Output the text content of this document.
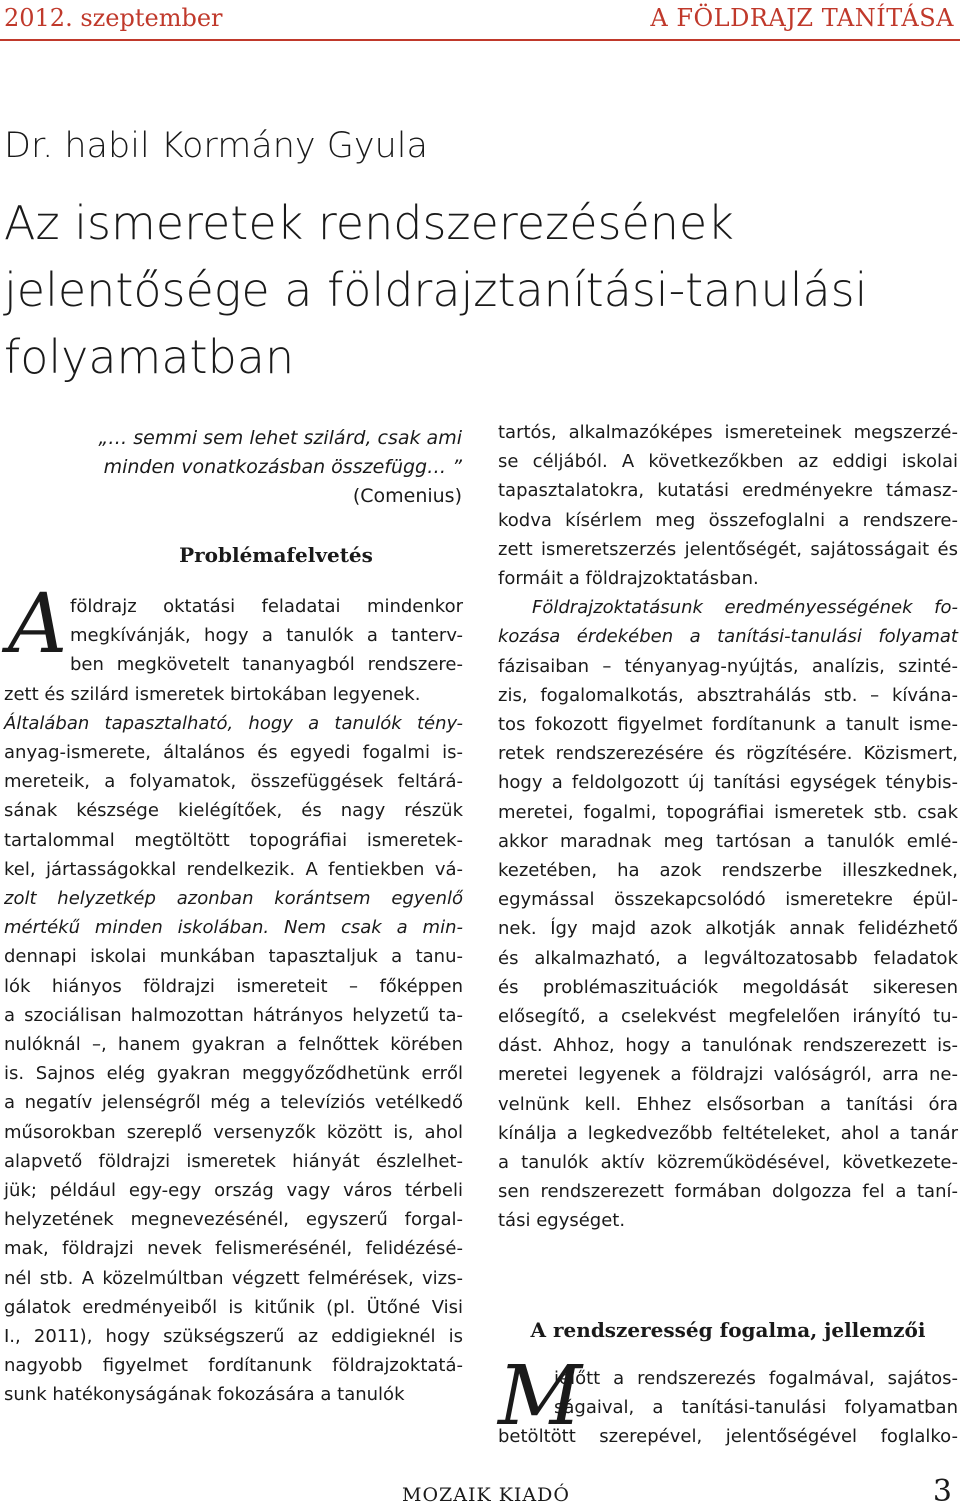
2012. szeptember	A FÖLDRAJZ TANÍTÁSA
Dr. habil Kormány Gyula
Az ismeretek rendszerezésének
jelentősége a földrajztanítási-tanulási
folyamatban
„… semmi sem lehet szilárd, csak ami
minden vonatkozásban összefügg… ”
(Comenius)
Problémafelvetés
A földrajz oktatási feladatai mindenkor
megkívánják, hogy a tanulók a tanterv-
ben megkövetelt tananyagból rendszere-
zett és szilárd ismeretek birtokában legyenek.
Általában tapasztalható, hogy a tanulók tény-
anyag-ismerete, általános és egyedi fogalmi is-
mereteik, a folyamatok, összefüggések feltárá-
sának készsége kielégítőek, és nagy részük
tartalommal megtöltött topográfiai ismeretek-
kel, jártasságokkal rendelkezik. A fentiekben vá-
zolt helyzetkép azonban korántsem egyenlő
mértékű minden iskolában. Nem csak a min-
dennapi iskolai munkában tapasztaljuk a tanu-
lók hiányos földrajzi ismereteit – főképpen
a szociálisan halmozottan hátrányos helyzetű ta-
nulóknál –, hanem gyakran a felnőttek körében
is. Sajnos elég gyakran meggyőződhetünk erről
a negatív jelenségről még a televíziós vetélkedő
műsorokban szereplő versenyzők között is, ahol
alapvető földrajzi ismeretek hiányát észlelhet-
jük; például egy-egy ország vagy város térbeli
helyzetének megnevezésénél, egyszerű forgal-
mak, földrajzi nevek felismerésénél, felidézésé-
nél stb. A közelmúltban végzett felmérések, vizs-
gálatok eredményeiből is kitűnik (pl. Ütőné Visi
I., 2011), hogy szükségszerű az eddigieknél is
nagyobb figyelmet fordítanunk földrajzoktatá-
sunk hatékonyságának fokozására a tanulók
tartós, alkalmazóképes ismereteinek megszerzé-
se céljából. A következőkben az eddigi iskolai
tapasztalatokra, kutatási eredményekre támasz-
kodva kísérlem meg összefoglalni a rendszere-
zett ismeretszerzés jelentőségét, sajátosságait és
formáit a földrajzoktatásban.
Földrajzoktatásunk eredményességének fo-
kozása érdekében a tanítási-tanulási folyamat
fázisaiban – tényanyag-nyújtás, analízis, szinté-
zis, fogalomalkotás, absztrahálás stb. – kívána-
tos fokozott figyelmet fordítanunk a tanult isme-
retek rendszerezésére és rögzítésére. Közismert,
hogy a feldolgozott új tanítási egységek ténybis-
meretei, fogalmi, topográfiai ismeretek stb. csak
akkor maradnak meg tartósan a tanulók emlé-
kezetében, ha azok rendszerbe illeszkednek,
egymással összekapcsolódó ismeretekre épül-
nek. Így majd azok alkotják annak felidézhető
és alkalmazható, a legváltozatosabb feladatok
és problémaszituációk megoldását sikeresen
elősegítő, a cselekvést megfelelően irányító tu-
dást. Ahhoz, hogy a tanulónak rendszerezett is-
meretei legyenek a földrajzi valóságról, arra ne-
velnünk kell. Ehhez elsősorban a tanítási óra
kínálja a legkedvezőbb feltételeket, ahol a tanár
a tanulók aktív közreműködésével, következete-
sen rendszerezett formában dolgozza fel a taní-
tási egységet.
A rendszeresség fogalma, jellemzői
M
ielőtt a rendszerezés fogalmával, sajátos-
ságaival, a tanítási-tanulási folyamatban
betöltött szerepével, jelentőségével foglalko-
MOZAIK KIADÓ	3
